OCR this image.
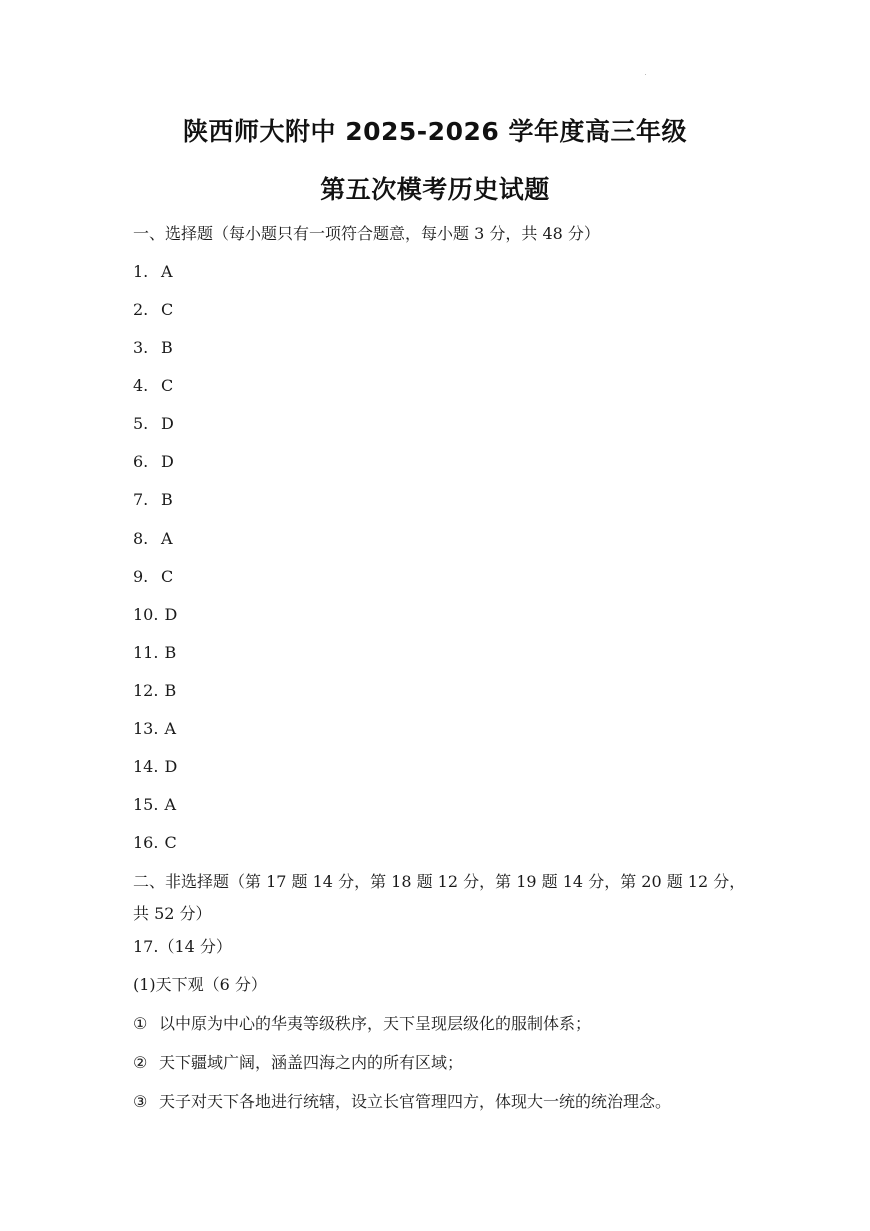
陕西师大附中 2025-2026 学年度高三年级
第五次模考历史试题
一、选择题（每小题只有一项符合题意，每小题 3 分，共 48 分）
1. A
2. C
3. B
4. C
5. D
6. D
7. B
8. A
9. C
10. D
11. B
12. B
13. A
14. D
15. A
16. C
二、非选择题（第 17 题 14 分，第 18 题 12 分，第 19 题 14 分，第 20 题 12 分，共 52 分）
17.（14 分）
(1)天下观（6 分）
① 以中原为中心的华夷等级秩序，天下呈现层级化的服制体系；
② 天下疆域广阔，涵盖四海之内的所有区域；
③ 天子对天下各地进行统辖，设立长官管理四方，体现大一统的统治理念。
